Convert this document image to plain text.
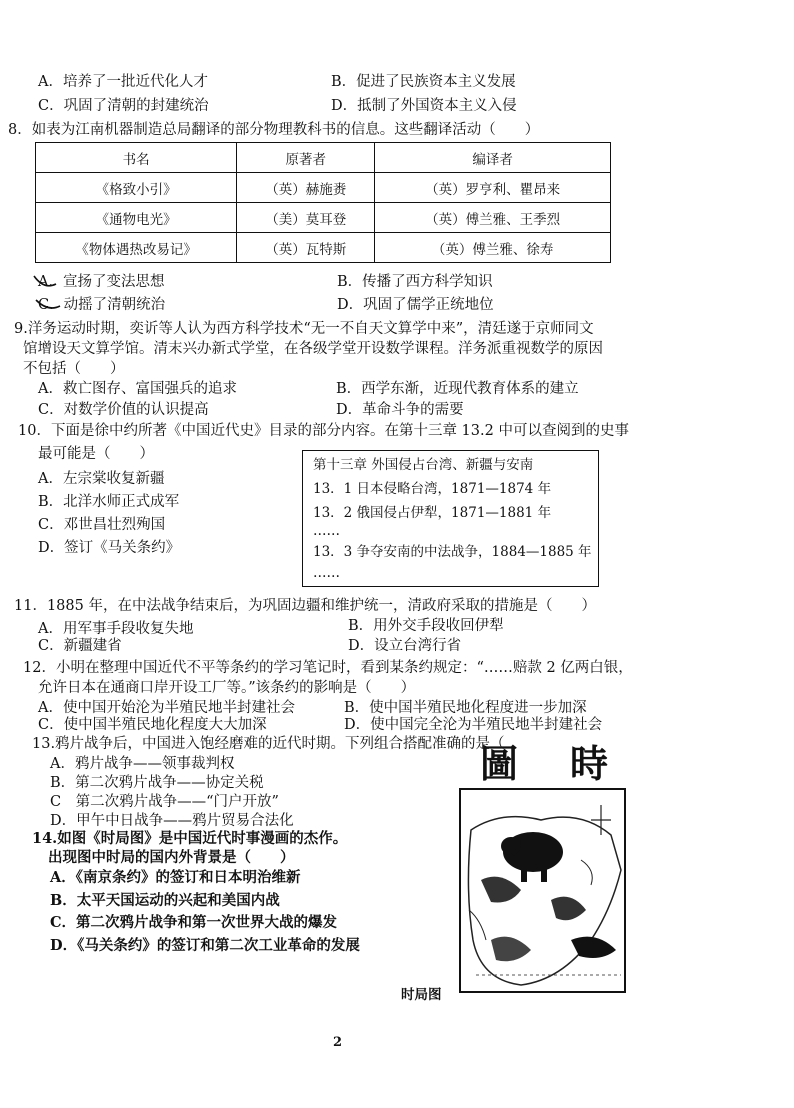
A．培养了一批近代化人才	B．促进了民族资本主义发展
C．巩固了清朝的封建统治	D．抵制了外国资本主义入侵
8．如表为江南机器制造总局翻译的部分物理教科书的信息。这些翻译活动（　　）
书名	原著者	编译者
《格致小引》	（英）赫施赉	（英）罗亨利、瞿昂来
《通物电光》	（美）莫耳登	（英）傅兰雅、王季烈
《物体遇热改易记》	（英）瓦特斯	（英）傅兰雅、徐寿
A．宣扬了变法思想	B．传播了西方科学知识
C．动摇了清朝统治	D．巩固了儒学正统地位
9.洋务运动时期，奕䜣等人认为西方科学技术“无一不自天文算学中来”，清廷遂于京师同文
馆增设天文算学馆。清末兴办新式学堂，在各级学堂开设数学课程。洋务派重视数学的原因
不包括（　　）
A．救亡图存、富国强兵的追求	B．西学东渐，近现代教育体系的建立
C．对数学价值的认识提高	D．革命斗争的需要
10．下面是徐中约所著《中国近代史》目录的部分内容。在第十三章 13.2 中可以查阅到的史事
最可能是（　　）
A．左宗棠收复新疆
B．北洋水师正式成军
C．邓世昌壮烈殉国
D．签订《马关条约》
第十三章 外国侵占台湾、新疆与安南
13．1 日本侵略台湾，1871—1874 年
13．2 俄国侵占伊犁，1871—1881 年
……
13．3 争夺安南的中法战争，1884—1885 年
……
11．1885 年，在中法战争结束后，为巩固边疆和维护统一，清政府采取的措施是（　　）
A．用军事手段收复失地	B．用外交手段收回伊犁
C．新疆建省	D．设立台湾行省
12．小明在整理中国近代不平等条约的学习笔记时，看到某条约规定：“……赔款 2 亿两白银，
允许日本在通商口岸开设工厂等。”该条约的影响是（　　）
A．使中国开始沦为半殖民地半封建社会	B．使中国半殖民地化程度进一步加深
C．使中国半殖民地化程度大大加深	D．使中国完全沦为半殖民地半封建社会
13.鸦片战争后，中国进入饱经磨难的近代时期。下列组合搭配准确的是（
A．鸦片战争——领事裁判权
B．第二次鸦片战争——协定关税
C　第二次鸦片战争——“门户开放”
D．甲午中日战争——鸦片贸易合法化
14.如图《时局图》是中国近代时事漫画的杰作。
出现图中时局的国内外背景是（　　）
A．《南京条约》的签订和日本明治维新
B．太平天国运动的兴起和美国内战
C．第二次鸦片战争和第一次世界大战的爆发
D．《马关条约》的签订和第二次工业革命的发展
圖 時
时局图
2
